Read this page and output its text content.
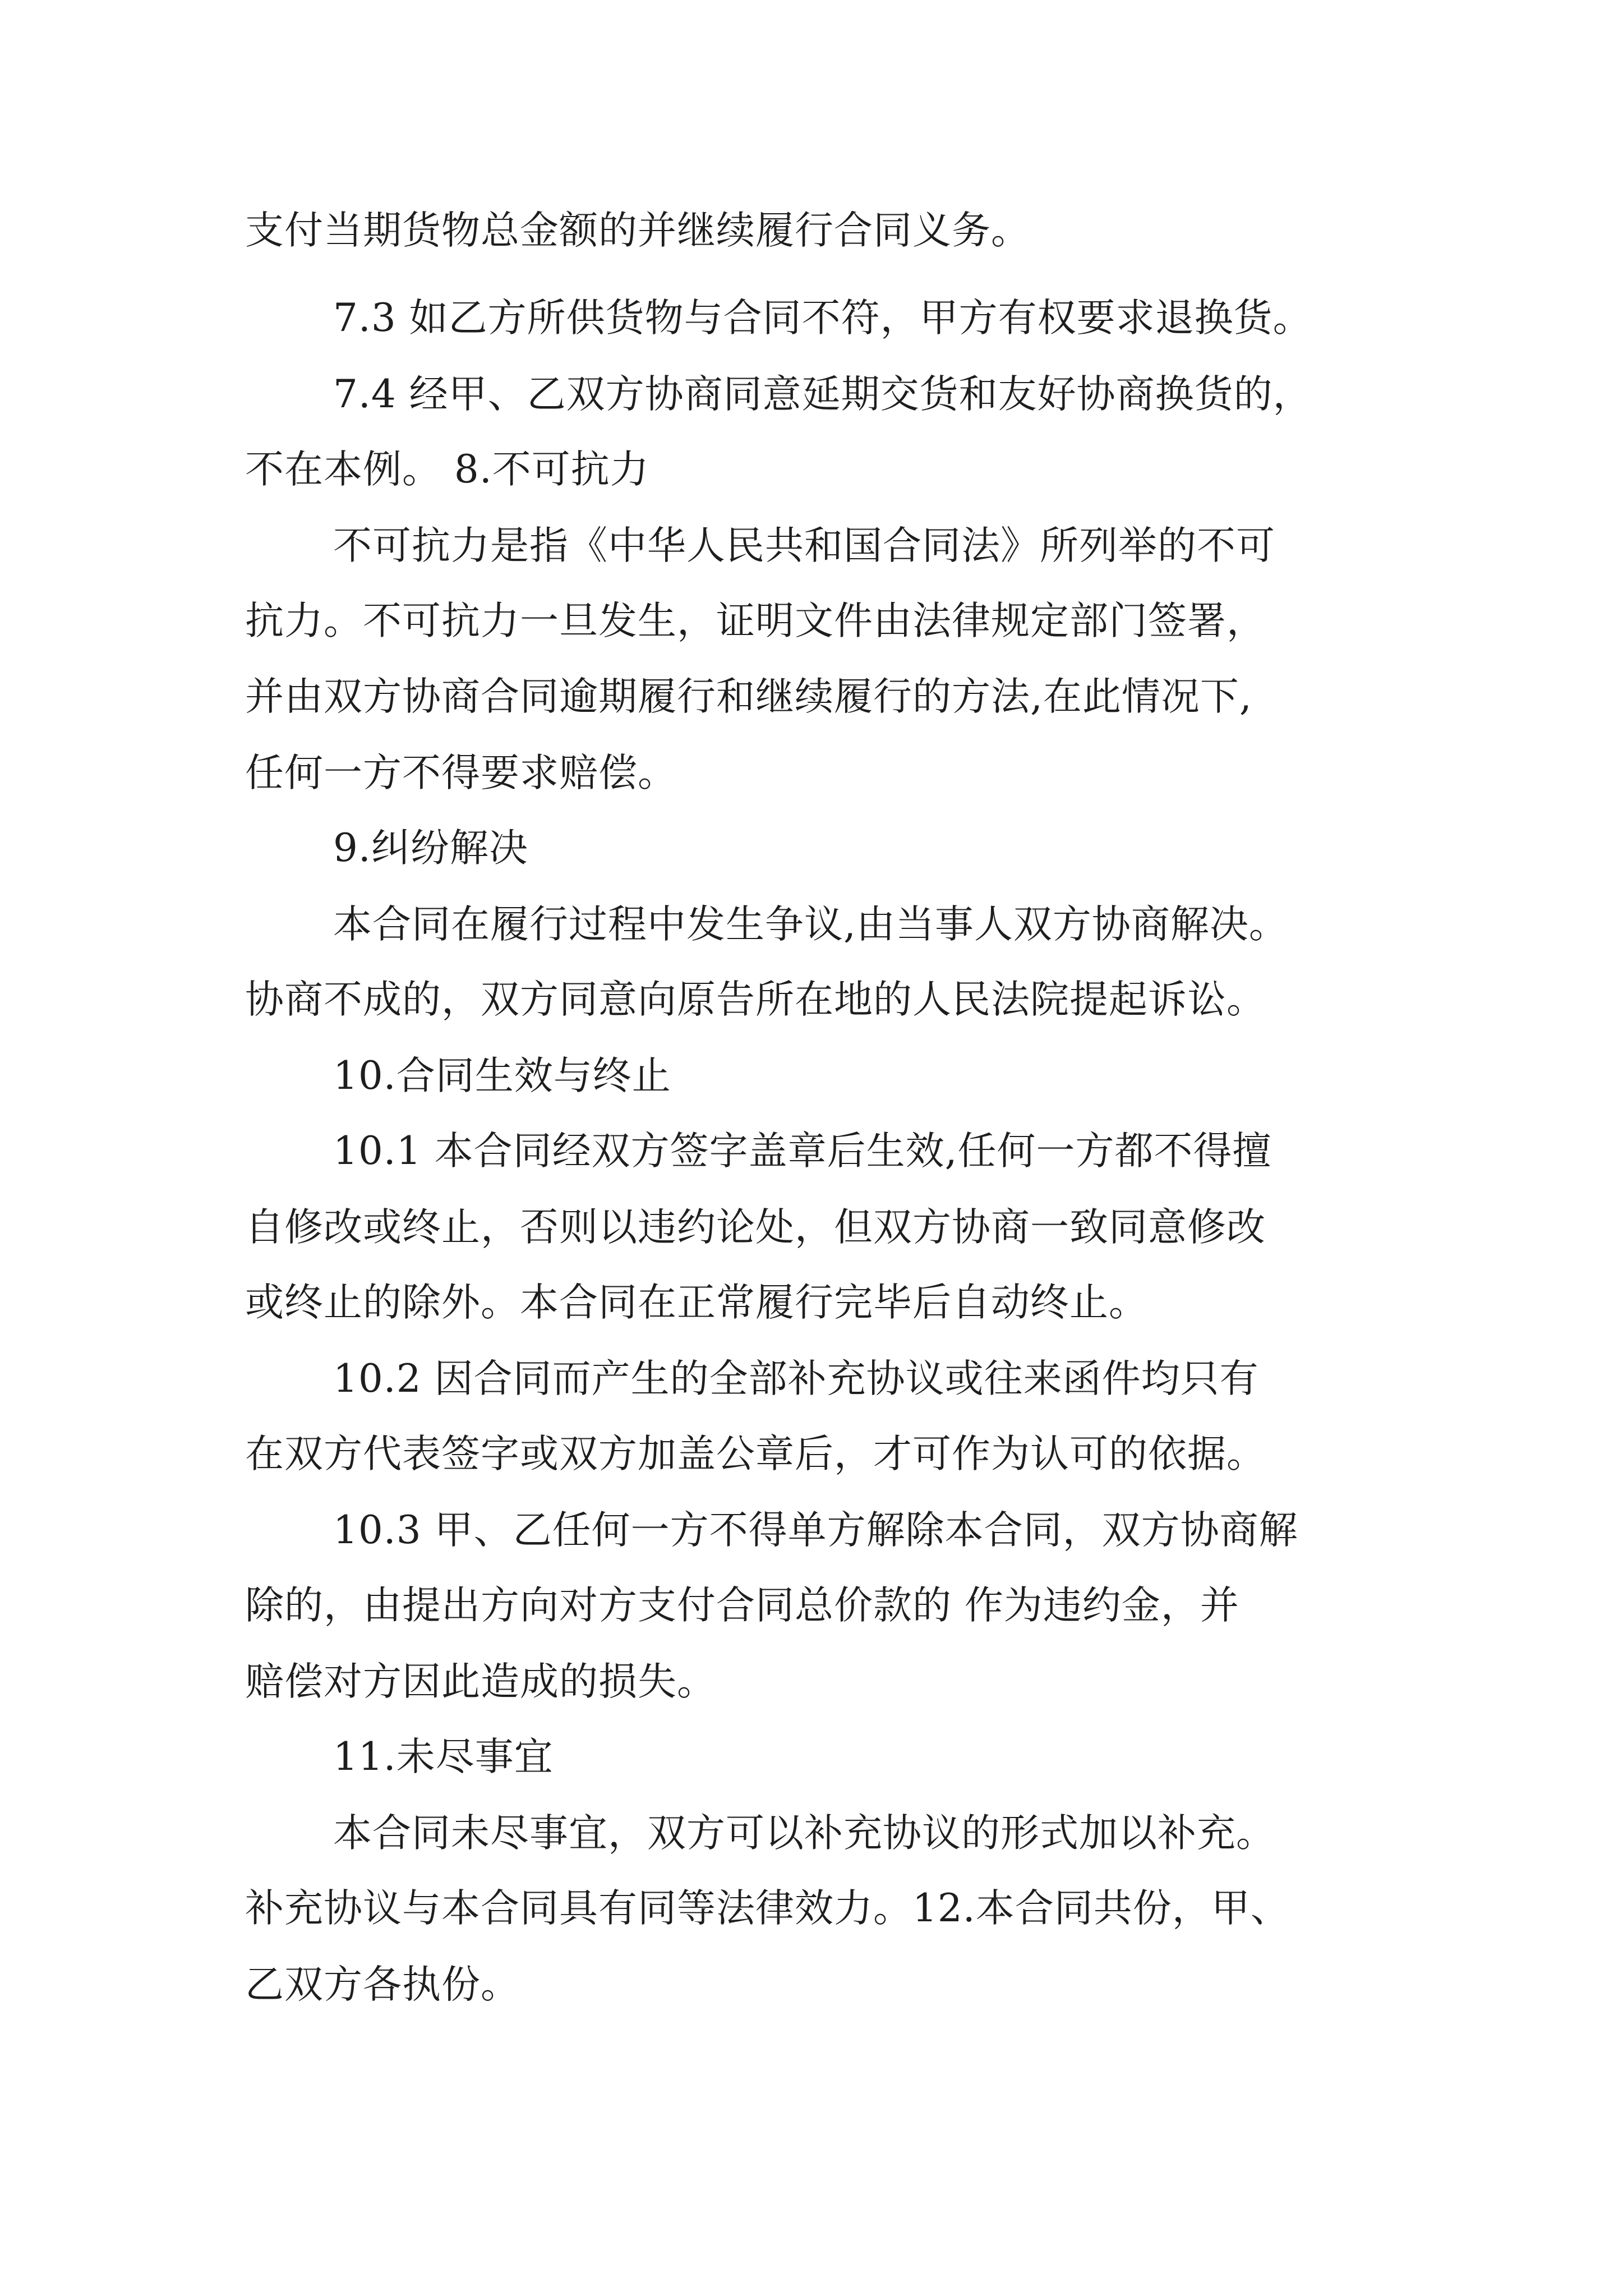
支付当期货物总金额的并继续履行合同义务。
7.3 如乙方所供货物与合同不符，甲方有权要求退换货。
7.4 经甲、乙双方协商同意延期交货和友好协商换货的，
不在本例。 8.不可抗力
不可抗力是指《中华人民共和国合同法》所列举的不可
抗力。不可抗力一旦发生，证明文件由法律规定部门签署，
并由双方协商合同逾期履行和继续履行的方法,在此情况下,
任何一方不得要求赔偿。
9.纠纷解决
本合同在履行过程中发生争议,由当事人双方协商解决。
协商不成的，双方同意向原告所在地的人民法院提起诉讼。
10.合同生效与终止
10.1 本合同经双方签字盖章后生效,任何一方都不得擅
自修改或终止，否则以违约论处，但双方协商一致同意修改
或终止的除外。本合同在正常履行完毕后自动终止。
10.2 因合同而产生的全部补充协议或往来函件均只有
在双方代表签字或双方加盖公章后，才可作为认可的依据。
10.3 甲、乙任何一方不得单方解除本合同，双方协商解
除的，由提出方向对方支付合同总价款的 作为违约金，并
赔偿对方因此造成的损失。
11.未尽事宜
本合同未尽事宜，双方可以补充协议的形式加以补充。
补充协议与本合同具有同等法律效力。12.本合同共份，甲、
乙双方各执份。
